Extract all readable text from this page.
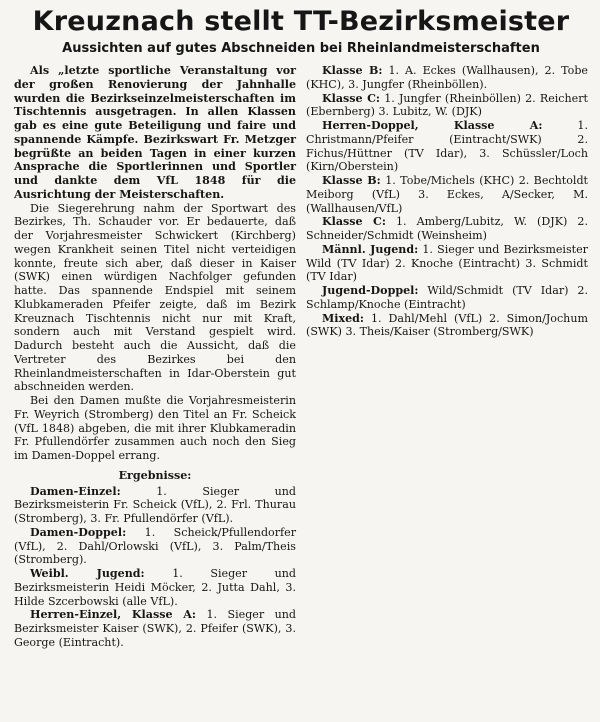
Kreuznach stellt TT-Bezirksmeister
Aussichten auf gutes Abschneiden bei Rheinlandmeisterschaften

Als „letzte sportliche Veranstaltung vor der großen Renovierung der Jahnhalle wurden die Bezirkseinzelmeisterschaften im Tischtennis ausgetragen. In allen Klassen gab es eine gute Beteiligung und faire und spannende Kämpfe. Bezirkswart Fr. Metzger begrüßte an beiden Tagen in einer kurzen Ansprache die Sportlerinnen und Sportler und dankte dem VfL 1848 für die Ausrichtung der Meisterschaften.

Die Siegerehrung nahm der Sportwart des Bezirkes, Th. Schauder vor. Er bedauerte, daß der Vorjahresmeister Schwickert (Kirchberg) wegen Krankheit seinen Titel nicht verteidigen konnte, freute sich aber, daß dieser in Kaiser (SWK) einen würdigen Nachfolger gefunden hatte. Das spannende Endspiel mit seinem Klubkameraden Pfeifer zeigte, daß im Bezirk Kreuznach Tischtennis nicht nur mit Kraft, sondern auch mit Verstand gespielt wird. Dadurch besteht auch die Aussicht, daß die Vertreter des Bezirkes bei den Rheinlandmeisterschaften in Idar-Oberstein gut abschneiden werden.

Bei den Damen mußte die Vorjahresmeisterin Fr. Weyrich (Stromberg) den Titel an Fr. Scheick (VfL 1848) abgeben, die mit ihrer Klubkameradin Fr. Pfullendörfer zusammen auch noch den Sieg im Damen-Doppel errang.

Ergebnisse:

Damen-Einzel:	1. Sieger und Bezirksmeisterin Fr. Scheick (VfL), 2. Frl. Thurau (Stromberg), 3. Fr. Pfullendörfer (VfL).

Damen-Doppel: 1. Scheick/Pfullendorfer (VfL), 2. Dahl/Orlowski (VfL), 3. Palm/Theis (Stromberg).

Weibl. Jugend: 1. Sieger und Bezirksmeisterin Heidi Möcker, 2. Jutta Dahl, 3. Hilde Szcerbowski (alle VfL).

Herren-Einzel, Klasse A: 1. Sieger und Bezirksmeister Kaiser (SWK), 2. Pfeifer (SWK), 3. George (Eintracht).

Klasse B: 1. A. Eckes (Wallhausen), 2. Tobe (KHC), 3. Jungfer (Rheinböllen).

Klasse C: 1. Jungfer (Rheinböllen) 2. Reichert (Ebernberg) 3. Lubitz, W. (DJK)

Herren-Doppel, Klasse A:	1. Christmann/Pfeifer (Eintracht/SWK) 2. Fichus/Hüttner (TV Idar), 3. Schüssler/Loch (Kirn/Oberstein)

Klasse B: 1. Tobe/Michels (KHC) 2. Bechtoldt Meiborg (VfL) 3. Eckes, A/Secker, M. (Wallhausen/VfL)

Klasse C: 1. Amberg/Lubitz, W. (DJK) 2. Schneider/Schmidt (Weinsheim)

Männl. Jugend: 1. Sieger und Bezirksmeister Wild (TV Idar) 2. Knoche (Eintracht) 3. Schmidt (TV Idar)

Jugend-Doppel: Wild/Schmidt (TV Idar) 2. Schlamp/Knoche (Eintracht)

Mixed: 1. Dahl/Mehl (VfL) 2. Simon/Jochum (SWK) 3. Theis/Kaiser (Stromberg/SWK)
